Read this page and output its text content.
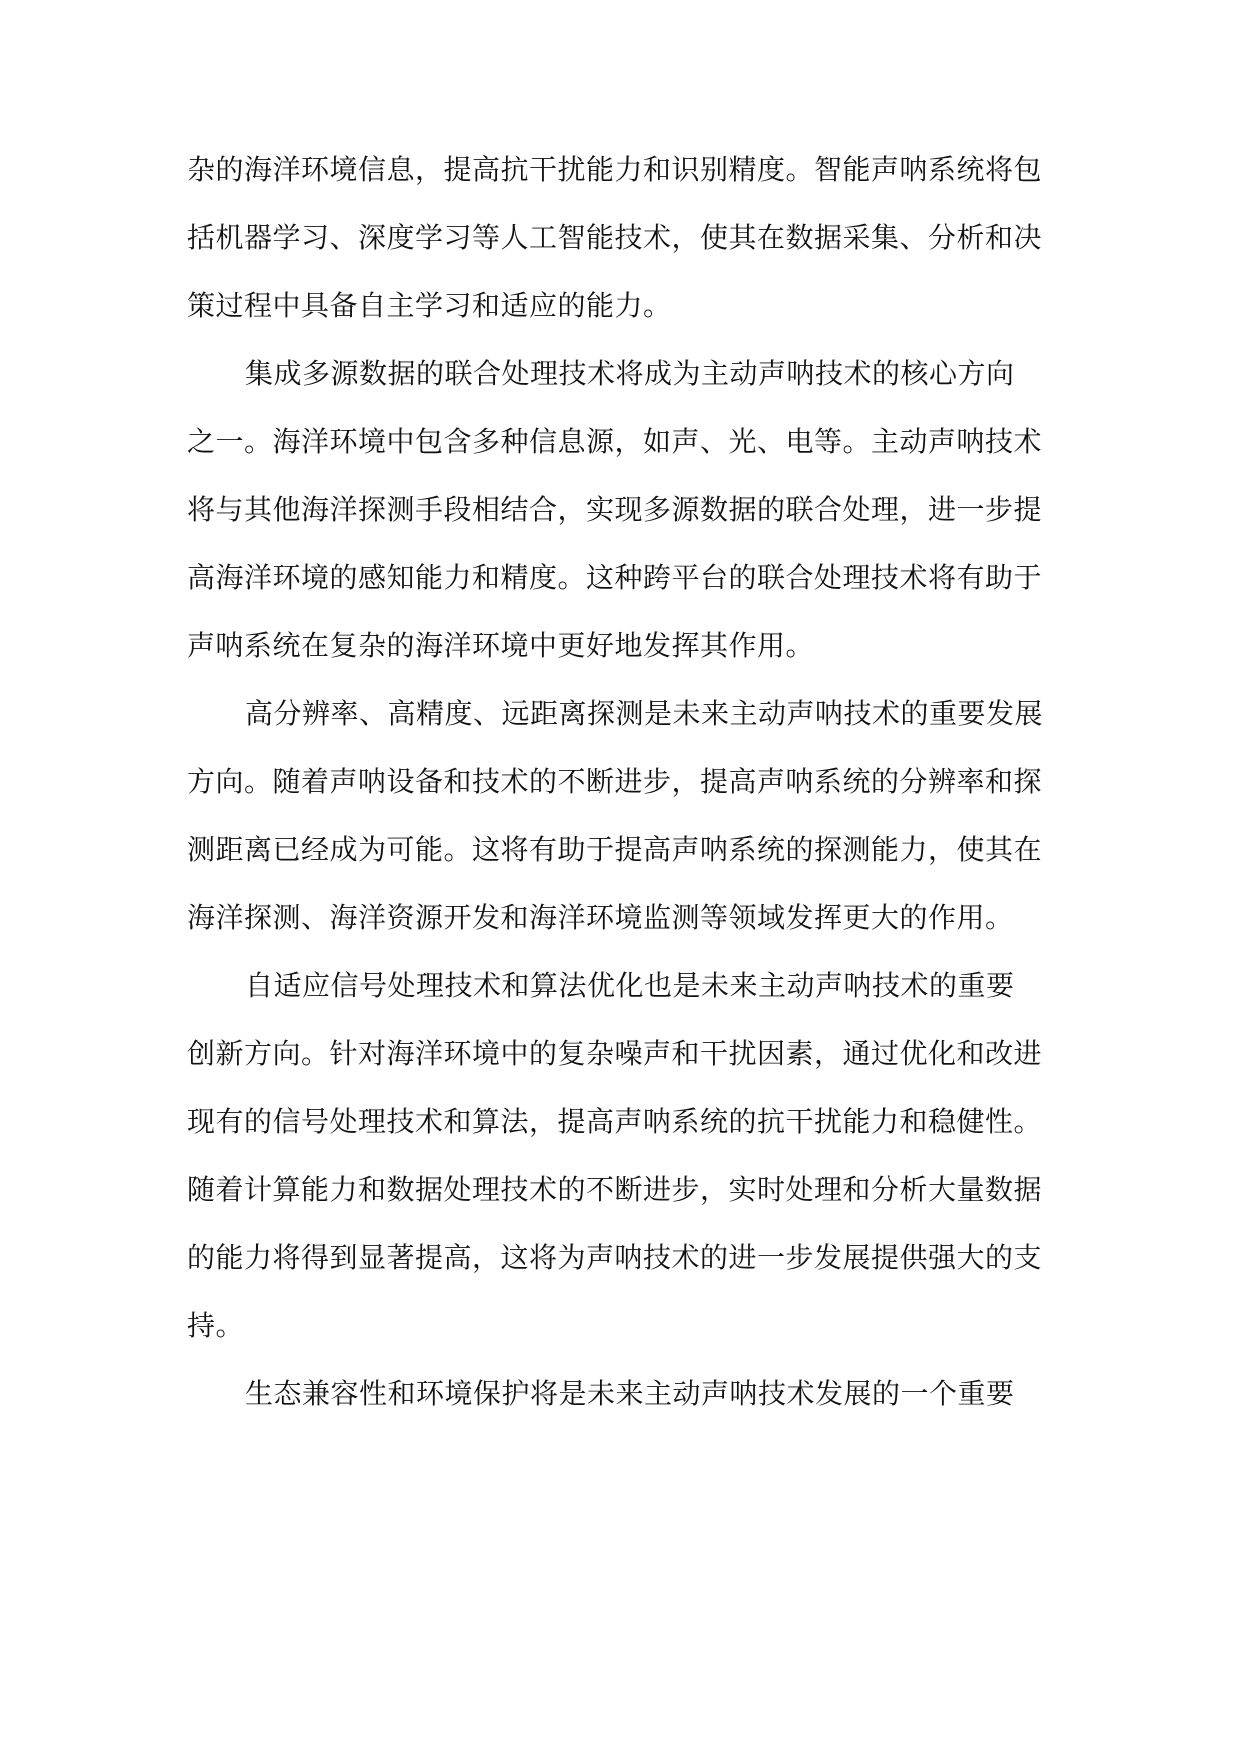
杂的海洋环境信息，提高抗干扰能力和识别精度。智能声呐系统将包
括机器学习、深度学习等人工智能技术，使其在数据采集、分析和决
策过程中具备自主学习和适应的能力。
集成多源数据的联合处理技术将成为主动声呐技术的核心方向
之一。海洋环境中包含多种信息源，如声、光、电等。主动声呐技术
将与其他海洋探测手段相结合，实现多源数据的联合处理，进一步提
高海洋环境的感知能力和精度。这种跨平台的联合处理技术将有助于
声呐系统在复杂的海洋环境中更好地发挥其作用。
高分辨率、高精度、远距离探测是未来主动声呐技术的重要发展
方向。随着声呐设备和技术的不断进步，提高声呐系统的分辨率和探
测距离已经成为可能。这将有助于提高声呐系统的探测能力，使其在
海洋探测、海洋资源开发和海洋环境监测等领域发挥更大的作用。
自适应信号处理技术和算法优化也是未来主动声呐技术的重要
创新方向。针对海洋环境中的复杂噪声和干扰因素，通过优化和改进
现有的信号处理技术和算法，提高声呐系统的抗干扰能力和稳健性。
随着计算能力和数据处理技术的不断进步，实时处理和分析大量数据
的能力将得到显著提高，这将为声呐技术的进一步发展提供强大的支
持。
生态兼容性和环境保护将是未来主动声呐技术发展的一个重要
